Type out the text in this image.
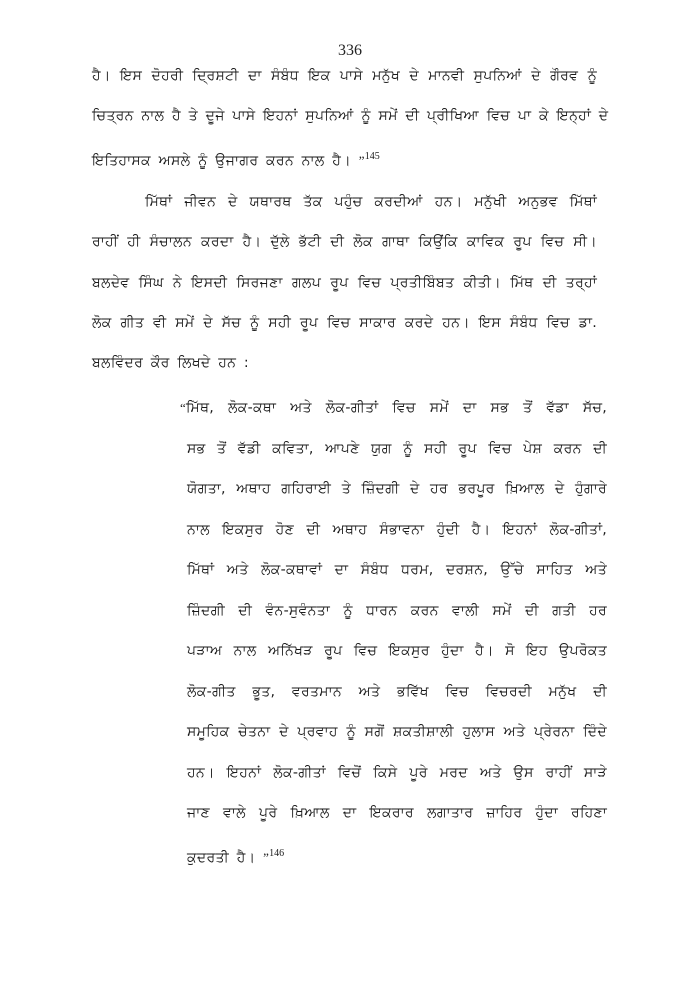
336
ਹੈ। ਇਸ ਦੋਹਰੀ ਦ੍ਰਿਸ਼ਟੀ ਦਾ ਸੰਬੰਧ ਇਕ ਪਾਸੇ ਮਨੁੱਖ ਦੇ ਮਾਨਵੀ ਸੁਪਨਿਆਂ ਦੇ ਗੌਰਵ ਨੂੰ
ਚਿਤ੍ਰਨ ਨਾਲ ਹੈ ਤੇ ਦੂਜੇ ਪਾਸੇ ਇਹਨਾਂ ਸੁਪਨਿਆਂ ਨੂੰ ਸਮੇਂ ਦੀ ਪ੍ਰੀਖਿਆ ਵਿਚ ਪਾ ਕੇ ਇਨ੍ਹਾਂ ਦੇ
ਇਤਿਹਾਸਕ ਅਸਲੇ ਨੂੰ ਉਜਾਗਰ ਕਰਨ ਨਾਲ ਹੈ। ”$^{145}$
ਮਿੱਥਾਂ ਜੀਵਨ ਦੇ ਯਥਾਰਥ ਤੱਕ ਪਹੁੰਚ ਕਰਦੀਆਂ ਹਨ। ਮਨੁੱਖੀ ਅਨੁਭਵ ਮਿੱਥਾਂ
ਰਾਹੀਂ ਹੀ ਸੰਚਾਲਨ ਕਰਦਾ ਹੈ। ਦੁੱਲੇ ਭੱਟੀ ਦੀ ਲੋਕ ਗਾਥਾ ਕਿਉਂਕਿ ਕਾਵਿਕ ਰੂਪ ਵਿਚ ਸੀ।
ਬਲਦੇਵ ਸਿੰਘ ਨੇ ਇਸਦੀ ਸਿਰਜਣਾ ਗਲਪ ਰੂਪ ਵਿਚ ਪ੍ਰਤੀਬਿੰਬਤ ਕੀਤੀ। ਮਿੱਥ ਦੀ ਤਰ੍ਹਾਂ
ਲੋਕ ਗੀਤ ਵੀ ਸਮੇਂ ਦੇ ਸੱਚ ਨੂੰ ਸਹੀ ਰੂਪ ਵਿਚ ਸਾਕਾਰ ਕਰਦੇ ਹਨ। ਇਸ ਸੰਬੰਧ ਵਿਚ ਡਾ.
ਬਲਵਿੰਦਰ ਕੌਰ ਲਿਖਦੇ ਹਨ :
“ਮਿੱਥ, ਲੋਕ-ਕਥਾ ਅਤੇ ਲੋਕ-ਗੀਤਾਂ ਵਿਚ ਸਮੇਂ ਦਾ ਸਭ ਤੋਂ ਵੱਡਾ ਸੱਚ,
ਸਭ ਤੋਂ ਵੱਡੀ ਕਵਿਤਾ, ਆਪਣੇ ਯੁਗ ਨੂੰ ਸਹੀ ਰੂਪ ਵਿਚ ਪੇਸ਼ ਕਰਨ ਦੀ
ਯੋਗਤਾ, ਅਥਾਹ ਗਹਿਰਾਈ ਤੇ ਜ਼ਿੰਦਗੀ ਦੇ ਹਰ ਭਰਪੂਰ ਖ਼ਿਆਲ ਦੇ ਹੁੰਗਾਰੇ
ਨਾਲ ਇਕਸੁਰ ਹੋਣ ਦੀ ਅਥਾਹ ਸੰਭਾਵਨਾ ਹੁੰਦੀ ਹੈ। ਇਹਨਾਂ ਲੋਕ-ਗੀਤਾਂ,
ਮਿੱਥਾਂ ਅਤੇ ਲੋਕ-ਕਥਾਵਾਂ ਦਾ ਸੰਬੰਧ ਧਰਮ, ਦਰਸ਼ਨ, ਉੱਚੇ ਸਾਹਿਤ ਅਤੇ
ਜ਼ਿੰਦਗੀ ਦੀ ਵੰਨ-ਸੁਵੰਨਤਾ ਨੂੰ ਧਾਰਨ ਕਰਨ ਵਾਲੀ ਸਮੇਂ ਦੀ ਗਤੀ ਹਰ
ਪੜਾਅ ਨਾਲ ਅਨਿੱਖੜ ਰੂਪ ਵਿਚ ਇਕਸੁਰ ਹੁੰਦਾ ਹੈ। ਸੋ ਇਹ ਉਪਰੋਕਤ
ਲੋਕ-ਗੀਤ ਭੂਤ, ਵਰਤਮਾਨ ਅਤੇ ਭਵਿੱਖ ਵਿਚ ਵਿਚਰਦੀ ਮਨੁੱਖ ਦੀ
ਸਮੂਹਿਕ ਚੇਤਨਾ ਦੇ ਪ੍ਰਵਾਹ ਨੂੰ ਸਗੋਂ ਸ਼ਕਤੀਸ਼ਾਲੀ ਹੁਲਾਸ ਅਤੇ ਪ੍ਰੇਰਨਾ ਦਿੰਦੇ
ਹਨ। ਇਹਨਾਂ ਲੋਕ-ਗੀਤਾਂ ਵਿਚੋਂ ਕਿਸੇ ਪੂਰੇ ਮਰਦ ਅਤੇ ਉਸ ਰਾਹੀਂ ਸਾੜੇ
ਜਾਣ ਵਾਲੇ ਪੂਰੇ ਖ਼ਿਆਲ ਦਾ ਇਕਰਾਰ ਲਗਾਤਾਰ ਜ਼ਾਹਿਰ ਹੁੰਦਾ ਰਹਿਣਾ
ਕੁਦਰਤੀ ਹੈ। ”$^{146}$
